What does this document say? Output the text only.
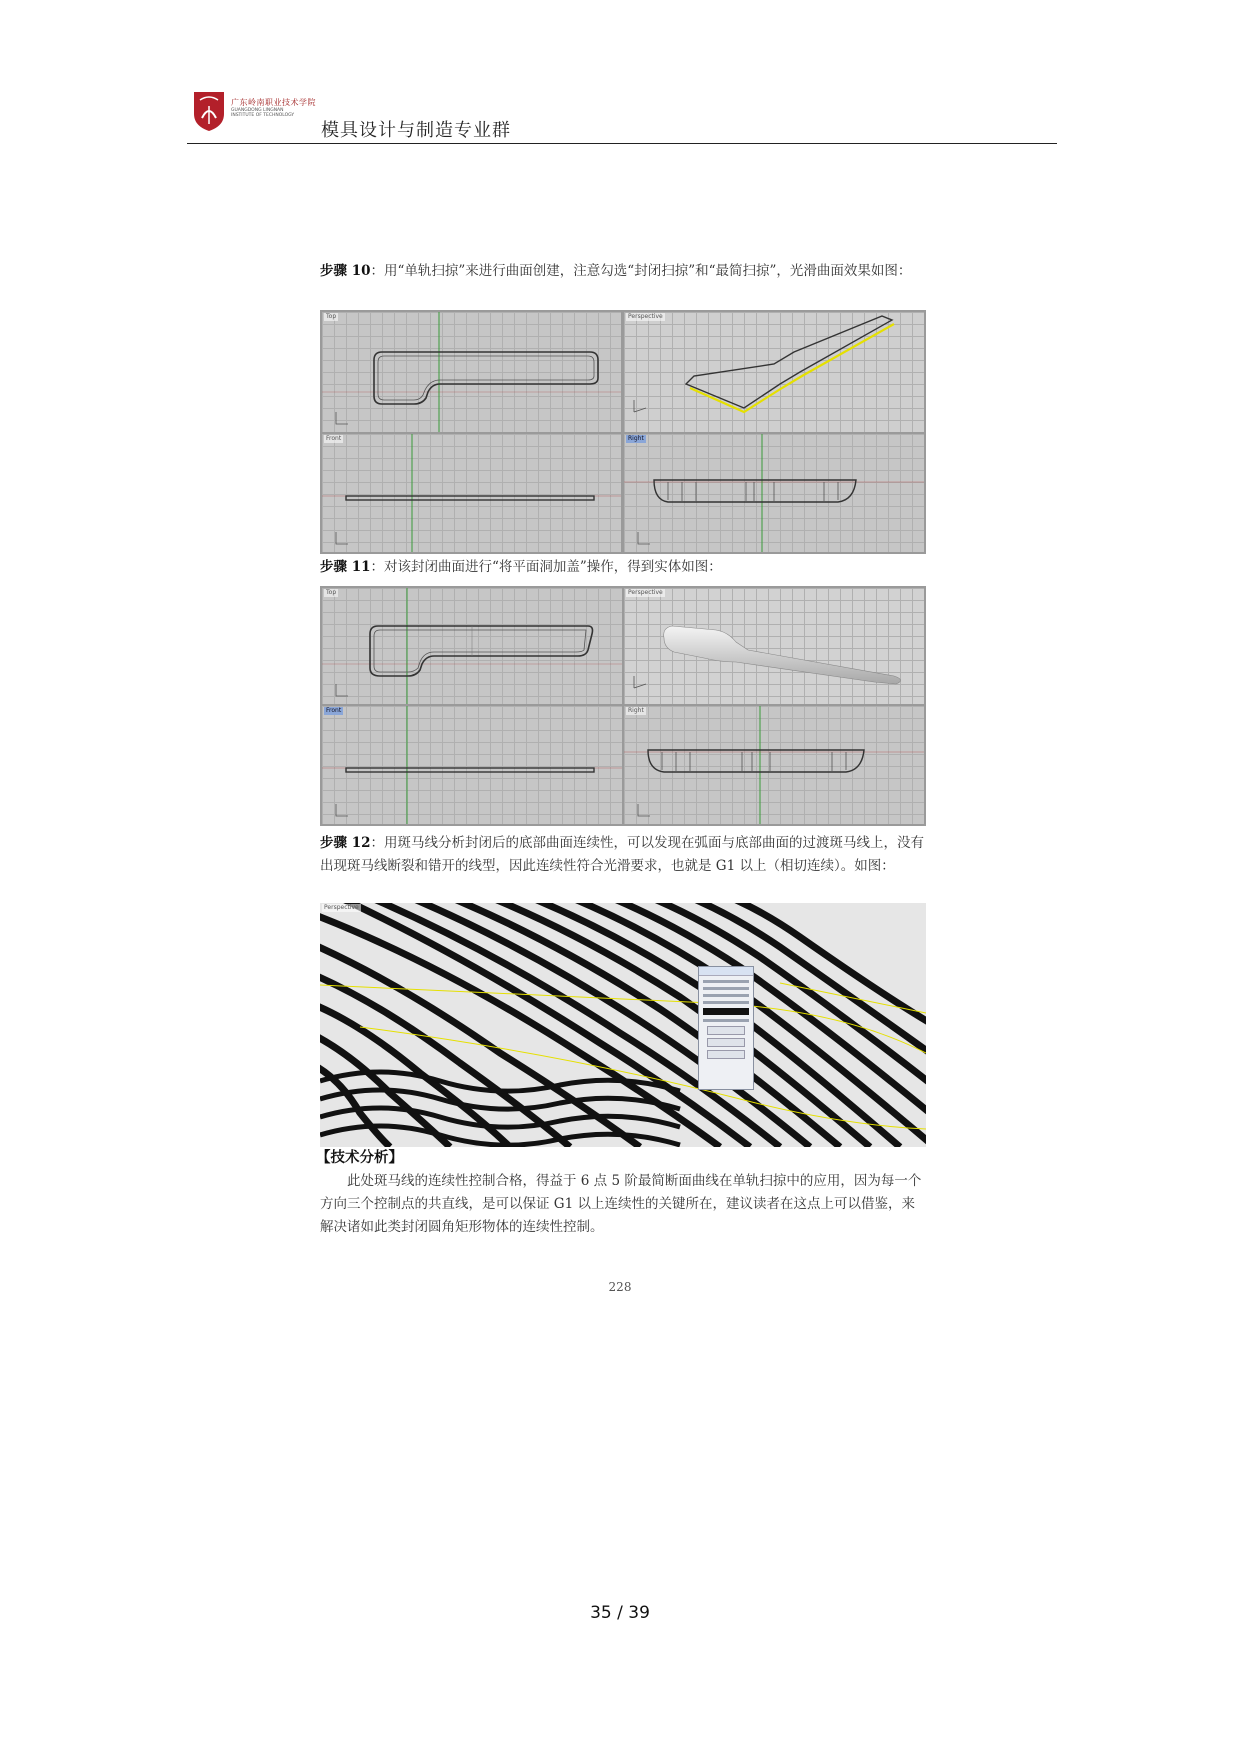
广东岭南职业技术学院
GUANGDONG LINGNAN
INSTITUTE OF TECHNOLOGY
模具设计与制造专业群
步骤 10：用“单轨扫掠”来进行曲面创建，注意勾选“封闭扫掠”和“最简扫掠”，光滑曲面效果如图：
Top	Perspective
Front	Right
步骤 11：对该封闭曲面进行“将平面洞加盖”操作，得到实体如图：
Top	Perspective
Front	Right
步骤 12：用斑马线分析封闭后的底部曲面连续性，可以发现在弧面与底部曲面的过渡斑马线上，没有出现斑马线断裂和错开的线型，因此连续性符合光滑要求，也就是 G1 以上（相切连续）。如图：
Perspective
【技术分析】
此处斑马线的连续性控制合格，得益于 6 点 5 阶最简断面曲线在单轨扫掠中的应用，因为每一个方向三个控制点的共直线，是可以保证 G1 以上连续性的关键所在，建议读者在这点上可以借鉴，来解决诸如此类封闭圆角矩形物体的连续性控制。
228
35 / 39
